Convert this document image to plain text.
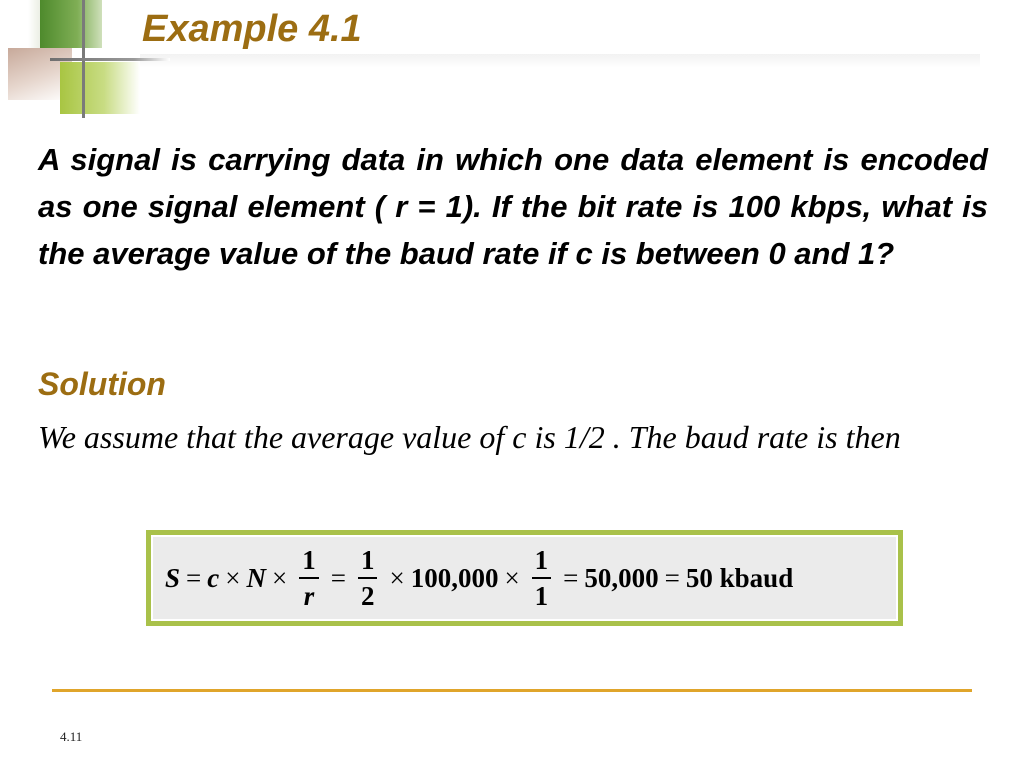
Example 4.1

A signal is carrying data in which one data element is encoded as one signal element ( r = 1). If the bit rate is 100 kbps, what is the average value of the baud rate if c is between 0 and 1?

Solution

We assume that the average value of c is 1/2 . The baud rate is then

$S = c \times N \times \frac{1}{r} = \frac{1}{2} \times 100,000 \times \frac{1}{1} = 50,000 = 50$ kbaud
4.11
